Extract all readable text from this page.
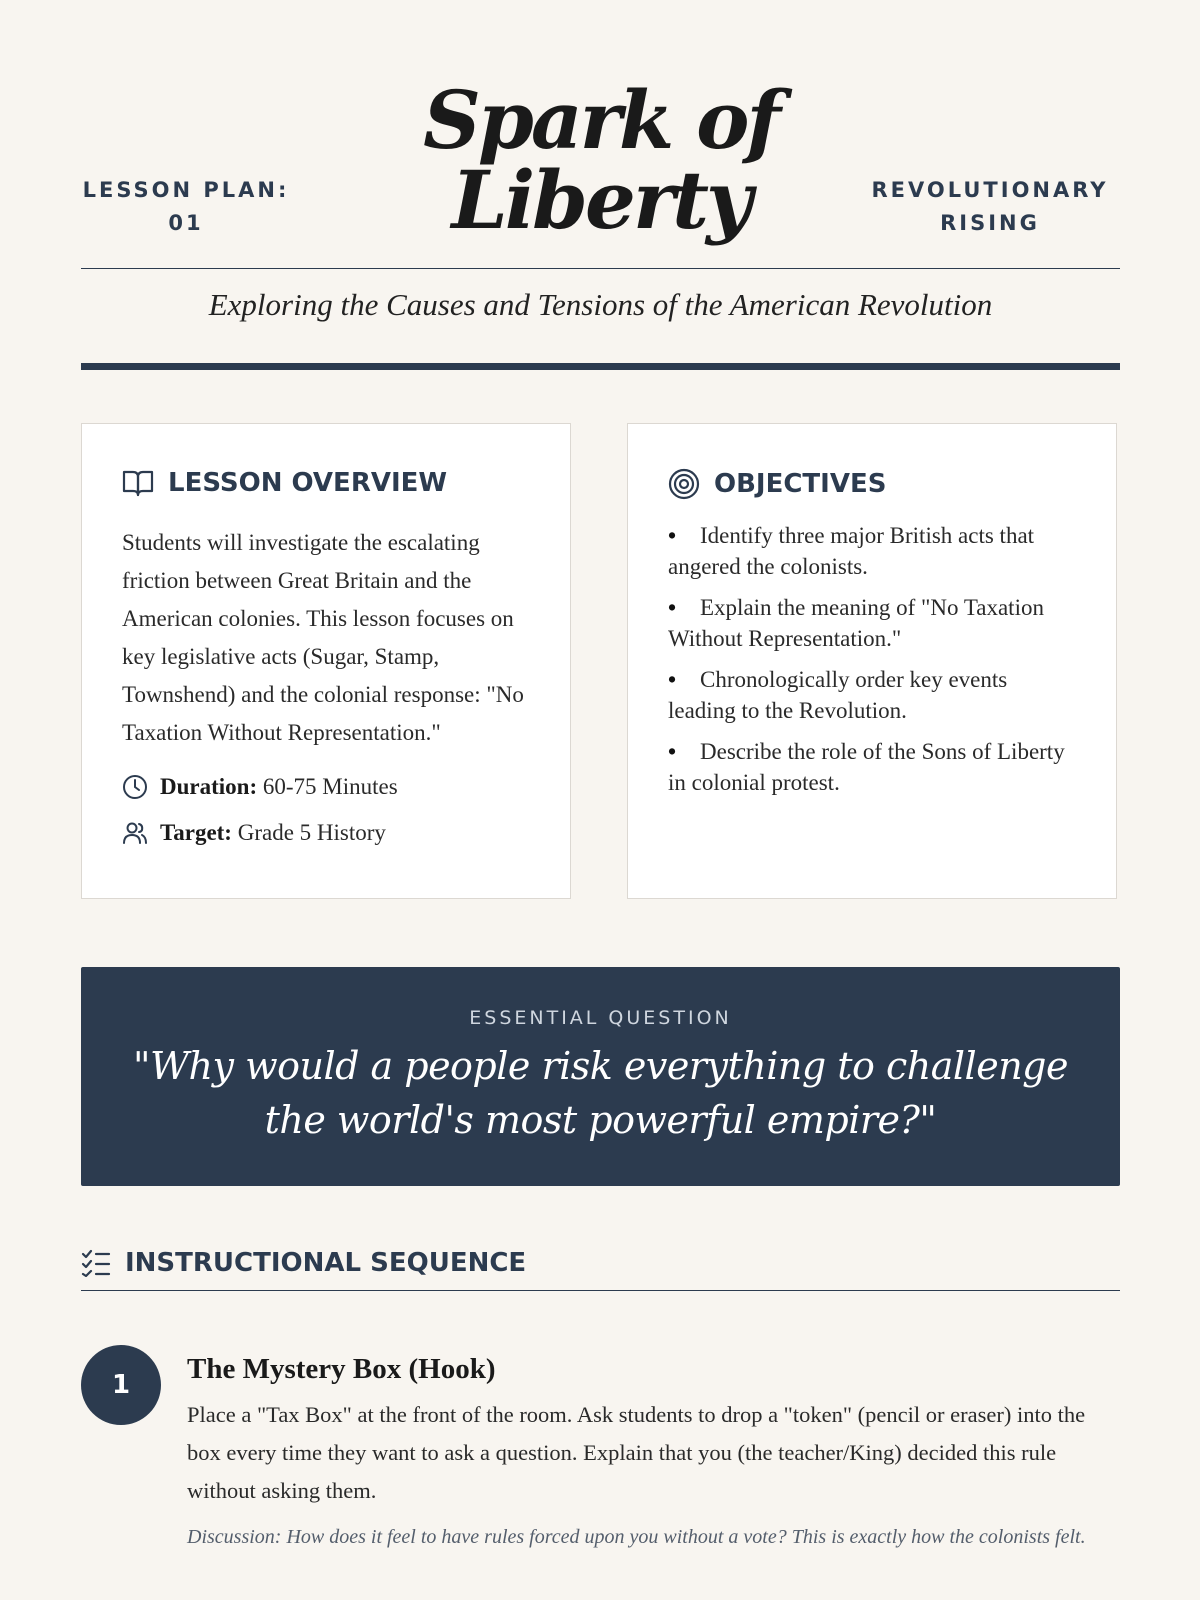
LESSON PLAN:
01
Spark of
Liberty	REVOLUTIONARY
RISING
Exploring the Causes and Tensions of the American Revolution
LESSON OVERVIEW
Students will investigate the escalating friction between Great Britain and the American colonies. This lesson focuses on key legislative acts (Sugar, Stamp, Townshend) and the colonial response: "No Taxation Without Representation."
Duration: 60-75 Minutes
Target: Grade 5 History
OBJECTIVES
• Identify three major British acts that angered the colonists.
• Explain the meaning of "No Taxation Without Representation."
• Chronologically order key events leading to the Revolution.
• Describe the role of the Sons of Liberty in colonial protest.
ESSENTIAL QUESTION
"Why would a people risk everything to challenge
the world's most powerful empire?"
INSTRUCTIONAL SEQUENCE
1	The Mystery Box (Hook)
Place a "Tax Box" at the front of the room. Ask students to drop a "token" (pencil or eraser) into the box every time they want to ask a question. Explain that you (the teacher/King) decided this rule without asking them.
Discussion: How does it feel to have rules forced upon you without a vote? This is exactly how the colonists felt.
